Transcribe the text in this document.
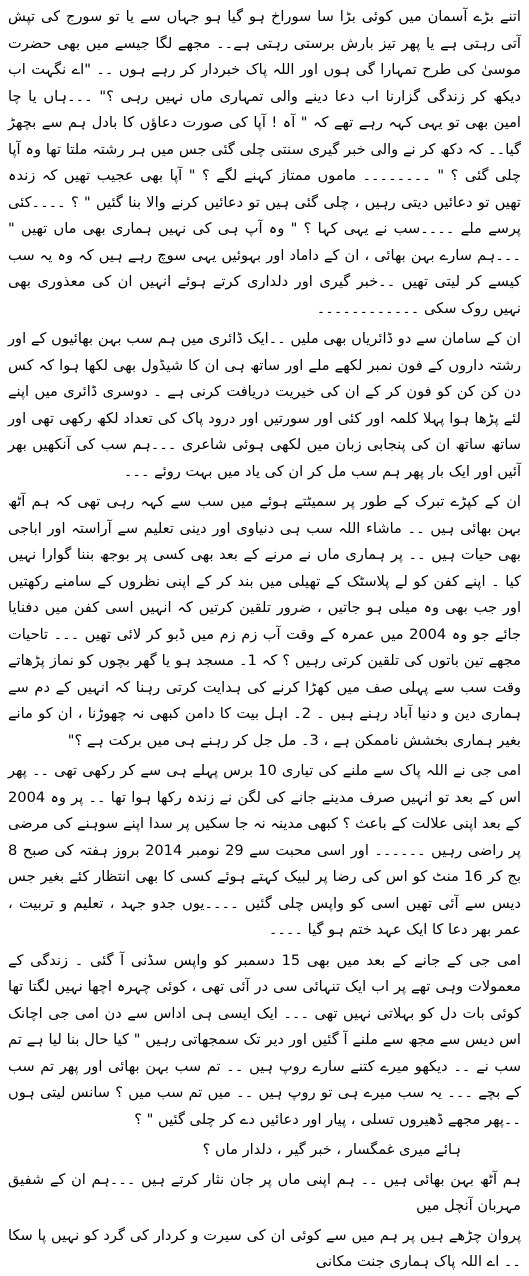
اتنے بڑے آسمان میں کوئی بڑا سا سوراخ ہو گیا ہو جہاں سے یا تو سورج کی تپش آتی رہتی ہے یا پھر تیز بارش برستی رہتی ہے۔۔ مجھے لگا جیسے میں بھی حضرت موسیٰ کی طرح تمہارا گی ہوں اور اللہ پاک خبردار کر رہے ہوں ۔۔ "اے نگہت اب دیکھ کر زندگی گزارنا اب دعا دینے والی تمہاری ماں نہیں رہی ؟" ۔۔۔ہاں یا چا امین بھی تو یہی کہہ رہے تھے کہ " آہ ! آپا کی صورت دعاؤں کا بادل ہم سے بچھڑ گیا۔۔ کہ دکھ کر نے والی خبر گیری سنتی چلی گئی جس میں ہر رشتہ ملتا تھا وہ آپا چلی گئی ؟ " ۔۔۔۔۔۔۔۔ ماموں ممتاز کہنے لگے ؟ " آپا بھی عجیب تھیں کہ زندہ تھیں تو دعائیں دیتی رہیں ، چلی گئی ہیں تو دعائیں کرنے والا بنا گئیں " ؟ ۔۔۔۔کئی پرسے ملے ۔۔۔۔سب نے یہی کہا ؟ " وہ آپ ہی کی نہیں ہماری بھی ماں تھیں " ۔۔۔ہم سارے بہن بھائی ، ان کے داماد اور بہوئیں یہی سوچ رہے ہیں کہ وہ یہ سب کیسے کر لیتی تھیں ۔۔خبر گیری اور دلداری کرتے ہوئے انہیں ان کی معذوری بھی نہیں روک سکی ۔۔۔۔۔۔۔۔۔۔۔۔

ان کے سامان سے دو ڈائریاں بھی ملیں ۔۔ایک ڈائری میں ہم سب بہن بھائیوں کے اور رشتہ داروں کے فون نمبر لکھے ملے اور ساتھ ہی ان کا شیڈول بھی لکھا ہوا کہ کس دن کن کن کو فون کر کے ان کی خیریت دریافت کرنی ہے ۔ دوسری ڈائری میں اپنے لئے پڑھا ہوا پہلا کلمہ اور کئی اور سورتیں اور درود پاک کی تعداد لکھ رکھی تھی اور ساتھ ساتھ ان کی پنجابی زبان میں لکھی ہوئی شاعری ۔۔۔ہم سب کی آنکھیں بھر آئیں اور ایک بار پھر ہم سب مل کر ان کی یاد میں بہت روئے ۔۔۔

ان کے کپڑے تبرک کے طور پر سمیٹتے ہوئے میں سب سے کہہ رہی تھی کہ ہم آٹھ بہن بھائی ہیں ۔۔ ماشاء اللہ سب ہی دنیاوی اور دینی تعلیم سے آراستہ اور اباجی بھی حیات ہیں ۔۔ پر ہماری ماں نے مرنے کے بعد بھی کسی پر بوجھ بننا گوارا نہیں کیا ۔ اپنے کفن کو لے پلاسٹک کے تھیلی میں بند کر کے اپنی نظروں کے سامنے رکھتیں اور جب بھی وہ میلی ہو جاتیں ، ضرور تلقین کرتیں کہ انہیں اسی کفن میں دفنایا جائے جو وہ 2004 میں عمرہ کے وقت آب زم زم میں ڈبو کر لائی تھیں ۔۔۔ تاحیات مجھے تین باتوں کی تلقین کرتی رہیں ؟ کہ 1۔ مسجد ہو یا گھر بچوں کو نماز پڑھاتے وقت سب سے پہلی صف میں کھڑا کرنے کی ہدایت کرتی رہنا کہ انہیں کے دم سے ہماری دین و دنیا آباد رہنے ہیں ۔ 2۔ اہل بیت کا دامن کبھی نہ چھوڑنا ، ان کو مانے بغیر ہماری بخشش ناممکن ہے ، 3۔ مل جل کر رہنے ہی میں برکت ہے ؟"

امی جی نے اللہ پاک سے ملنے کی تیاری 10 برس پہلے ہی سے کر رکھی تھی ۔۔ پھر اس کے بعد تو انہیں صرف مدینے جانے کی لگن نے زندہ رکھا ہوا تھا ۔۔ پر وہ 2004 کے بعد اپنی علالت کے باعث ؟ کبھی مدینہ نہ جا سکیں پر سدا اپنے سوہنے کی مرضی پر راضی رہیں ۔۔۔۔۔۔ اور اسی محبت سے 29 نومبر 2014 بروز ہفتہ کی صبح 8 بج کر 16 منٹ کو اس کی رضا پر لبیک کہتے ہوئے کسی کا بھی انتظار کئے بغیر جس دیس سے آئی تھیں اسی کو واپس چلی گئیں ۔۔۔۔یوں جدو جہد ، تعلیم و تربیت ، عمر بھر دعا کا ایک عہد ختم ہو گیا ۔۔۔۔

امی جی کے جانے کے بعد میں بھی 15 دسمبر کو واپس سڈنی آ گئی ۔ زندگی کے معمولات وہی تھے پر اب ایک تنہائی سی در آئی تھی ، کوئی چہرہ اچھا نہیں لگتا تھا کوئی بات دل کو بہلاتی نہیں تھی ۔۔۔ ایک ایسی ہی اداس سے دن امی جی اچانک اس دیس سے مجھ سے ملنے آ گئیں اور دیر تک سمجھاتی رہیں " کیا حال بنا لیا ہے تم سب نے ۔۔ دیکھو میرے کتنے سارے روپ ہیں ۔۔ تم سب بہن بھائی اور پھر تم سب کے بچے ۔۔۔ یہ سب میرے ہی تو روپ ہیں ۔۔ میں تم سب میں ؟ سانس لیتی ہوں ۔۔پھر مجھے ڈھیروں تسلی ، پیار اور دعائیں دے کر چلی گئیں " ؟

ہائے میری غمگسار ، خبر گیر ، دلدار ماں ؟

ہم آٹھ بہن بھائی ہیں ۔۔ ہم اپنی ماں پر جان نثار کرتے ہیں ۔۔۔ہم ان کے شفیق مہربان آنچل میں

پروان چڑھے ہیں پر ہم میں سے کوئی ان کی سیرت و کردار کی گرد کو نہیں پا سکا ۔۔ اے اللہ پاک ہماری جنت مکانی
